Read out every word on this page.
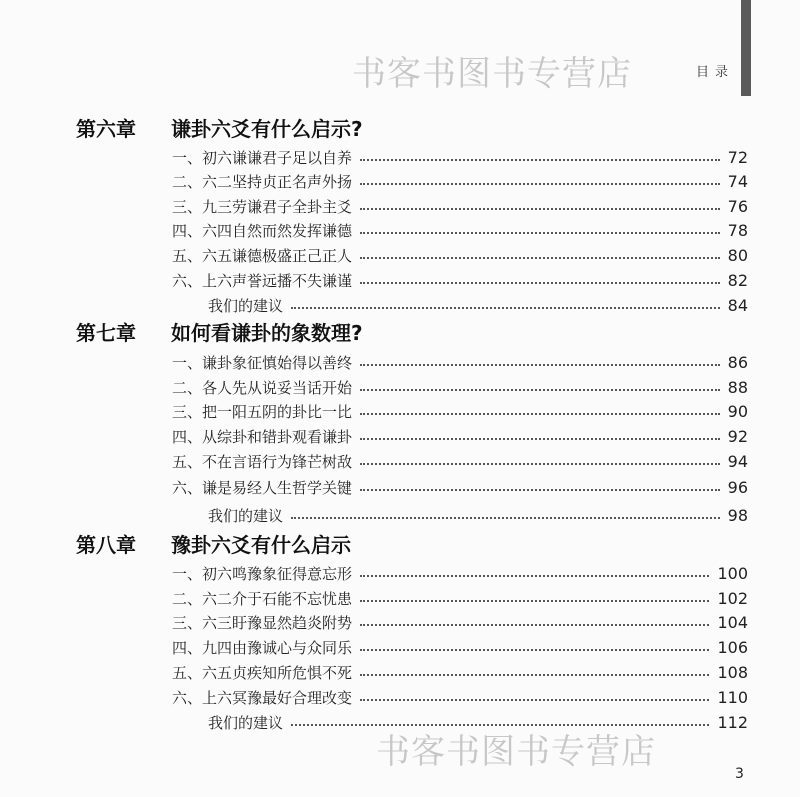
书客书图书专营店	目录
第六章	谦卦六爻有什么启示?
一、初六谦谦君子足以自养	72
二、六二坚持贞正名声外扬	74
三、九三劳谦君子全卦主爻	76
四、六四自然而然发挥谦德	78
五、六五谦德极盛正己正人	80
六、上六声誉远播不失谦谨	82
我们的建议	84
第七章	如何看谦卦的象数理?
一、谦卦象征慎始得以善终	86
二、各人先从说妥当话开始	88
三、把一阳五阴的卦比一比	90
四、从综卦和错卦观看谦卦	92
五、不在言语行为锋芒树敌	94
六、谦是易经人生哲学关键	96
我们的建议	98
第八章	豫卦六爻有什么启示
一、初六鸣豫象征得意忘形	100
二、六二介于石能不忘忧患	102
三、六三盱豫显然趋炎附势	104
四、九四由豫诚心与众同乐	106
五、六五贞疾知所危惧不死	108
六、上六冥豫最好合理改变	110
我们的建议	112
书客书图书专营店
3
